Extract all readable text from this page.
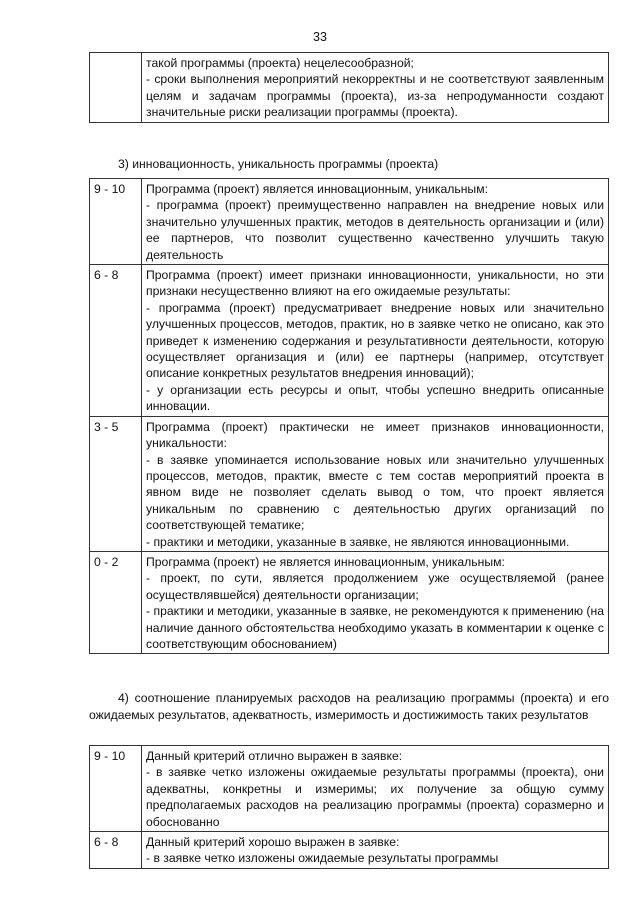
33

такой программы (проекта) нецелесообразной;

- сроки выполнения мероприятий некорректны и не соответствуют заявленным целям и задачам программы (проекта), из-за непродуманности создают значительные риски реализации программы (проекта).

3) инновационность, уникальность программы (проекта)
9 - 10	Программа (проект) является инновационным, уникальным:

- программа (проект) преимущественно направлен на внедрение новых или значительно улучшенных практик, методов в деятельность организации и (или) ее партнеров, что позволит существенно качественно улучшить такую деятельность

6 - 8	Программа (проект) имеет признаки инновационности, уникальности, но эти признаки несущественно влияют на его ожидаемые результаты:

- программа (проект) предусматривает внедрение новых или значительно улучшенных процессов, методов, практик, но в заявке четко не описано, как это приведет к изменению содержания и результативности деятельности, которую осуществляет организация и (или) ее партнеры (например, отсутствует описание конкретных результатов внедрения инноваций);

- у организации есть ресурсы и опыт, чтобы успешно внедрить описанные инновации.

3 - 5	Программа (проект) практически не имеет признаков инновационности, уникальности:

- в заявке упоминается использование новых или значительно улучшенных процессов, методов, практик, вместе с тем состав мероприятий проекта в явном виде не позволяет сделать вывод о том, что проект является уникальным по сравнению с деятельностью других организаций по соответствующей тематике;

- практики и методики, указанные в заявке, не являются инновационными.

0 - 2	Программа (проект) не является инновационным, уникальным:

- проект, по сути, является продолжением уже осуществляемой (ранее осуществлявшейся) деятельности организации;

- практики и методики, указанные в заявке, не рекомендуются к применению (на наличие данного обстоятельства необходимо указать в комментарии к оценке с соответствующим обоснованием)

4) соотношение планируемых расходов на реализацию программы (проекта) и его ожидаемых результатов, адекватность, измеримость и достижимость таких результатов

9 - 10	Данный критерий отлично выражен в заявке:

- в заявке четко изложены ожидаемые результаты программы (проекта), они адекватны, конкретны и измеримы; их получение за общую сумму предполагаемых расходов на реализацию программы (проекта) соразмерно и обоснованно

6 - 8	Данный критерий хорошо выражен в заявке:

- в заявке четко изложены ожидаемые результаты программы
